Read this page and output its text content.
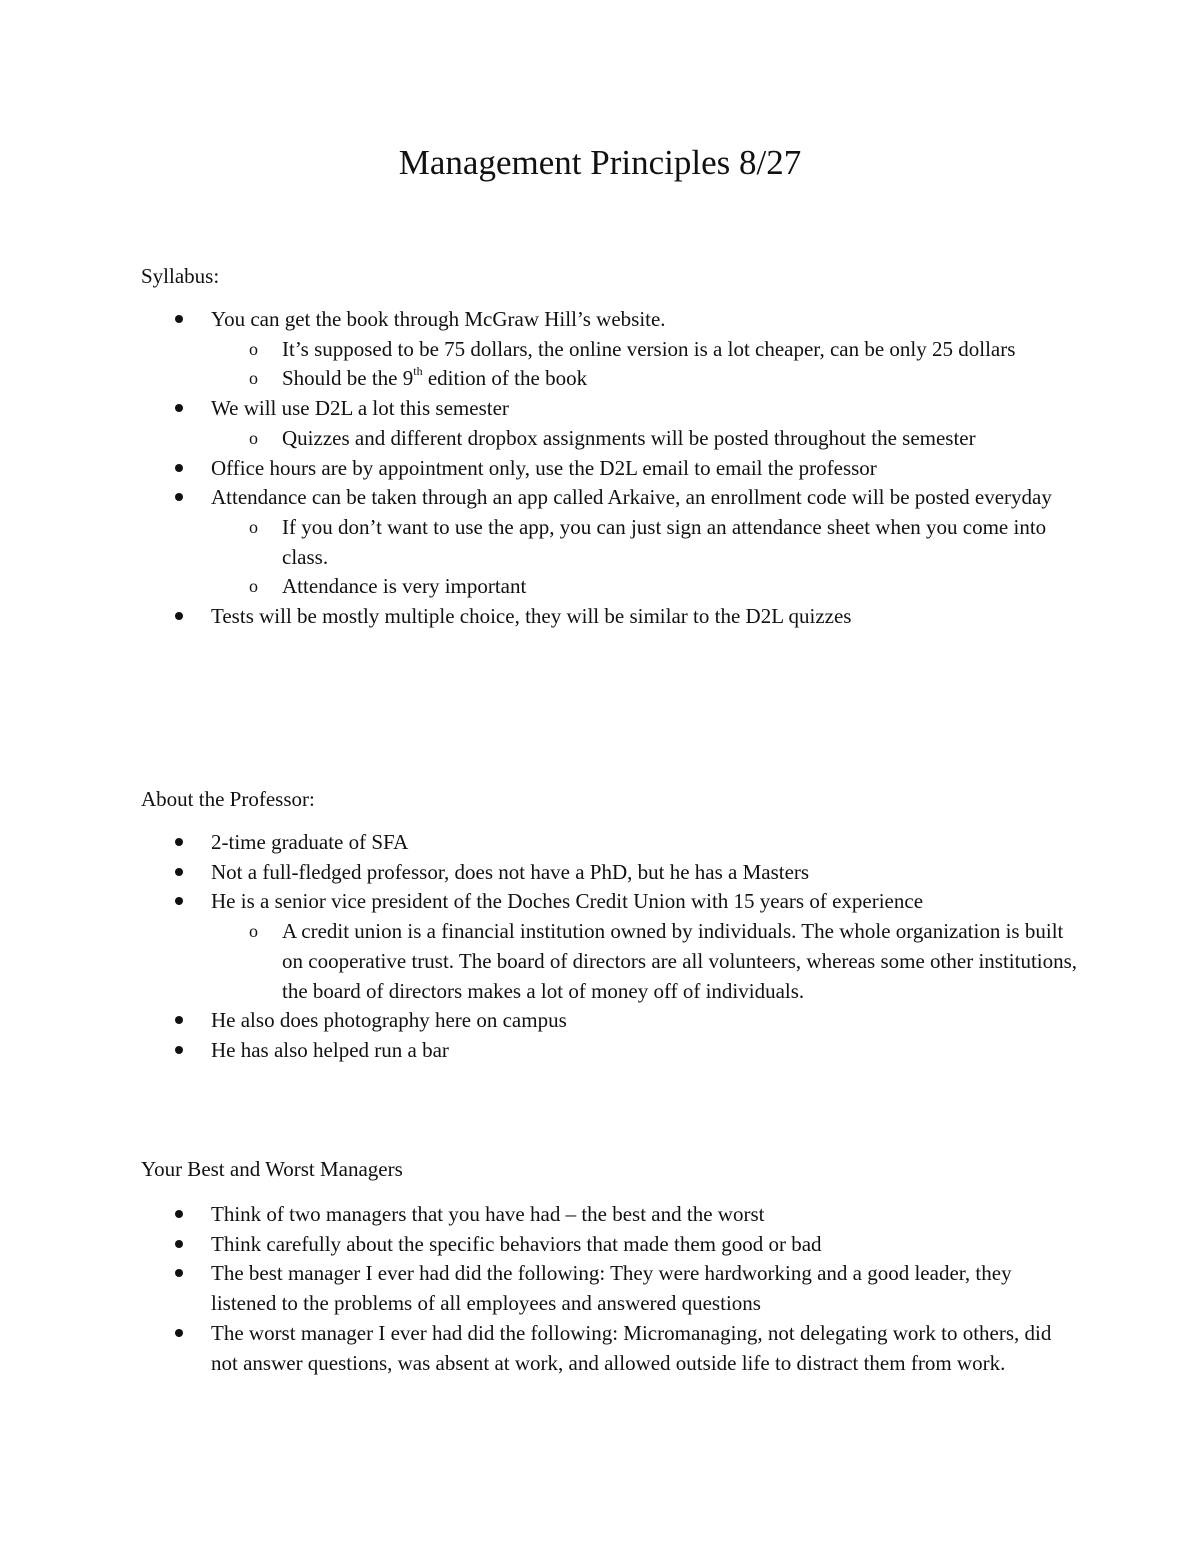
Management Principles 8/27

Syllabus:

You can get the book through McGraw Hill’s website.
o It’s supposed to be 75 dollars, the online version is a lot cheaper, can be only 25 dollars
o Should be the 9th edition of the book
We will use D2L a lot this semester
o Quizzes and different dropbox assignments will be posted throughout the semester
Office hours are by appointment only, use the D2L email to email the professor
Attendance can be taken through an app called Arkaive, an enrollment code will be posted everyday
o If you don’t want to use the app, you can just sign an attendance sheet when you come into class.
o Attendance is very important
Tests will be mostly multiple choice, they will be similar to the D2L quizzes

About the Professor:

2-time graduate of SFA
Not a full-fledged professor, does not have a PhD, but he has a Masters
He is a senior vice president of the Doches Credit Union with 15 years of experience
o A credit union is a financial institution owned by individuals. The whole organization is built on cooperative trust. The board of directors are all volunteers, whereas some other institutions, the board of directors makes a lot of money off of individuals.
He also does photography here on campus
He has also helped run a bar

Your Best and Worst Managers

Think of two managers that you have had – the best and the worst
Think carefully about the specific behaviors that made them good or bad
The best manager I ever had did the following: They were hardworking and a good leader, they listened to the problems of all employees and answered questions
The worst manager I ever had did the following: Micromanaging, not delegating work to others, did not answer questions, was absent at work, and allowed outside life to distract them from work.
